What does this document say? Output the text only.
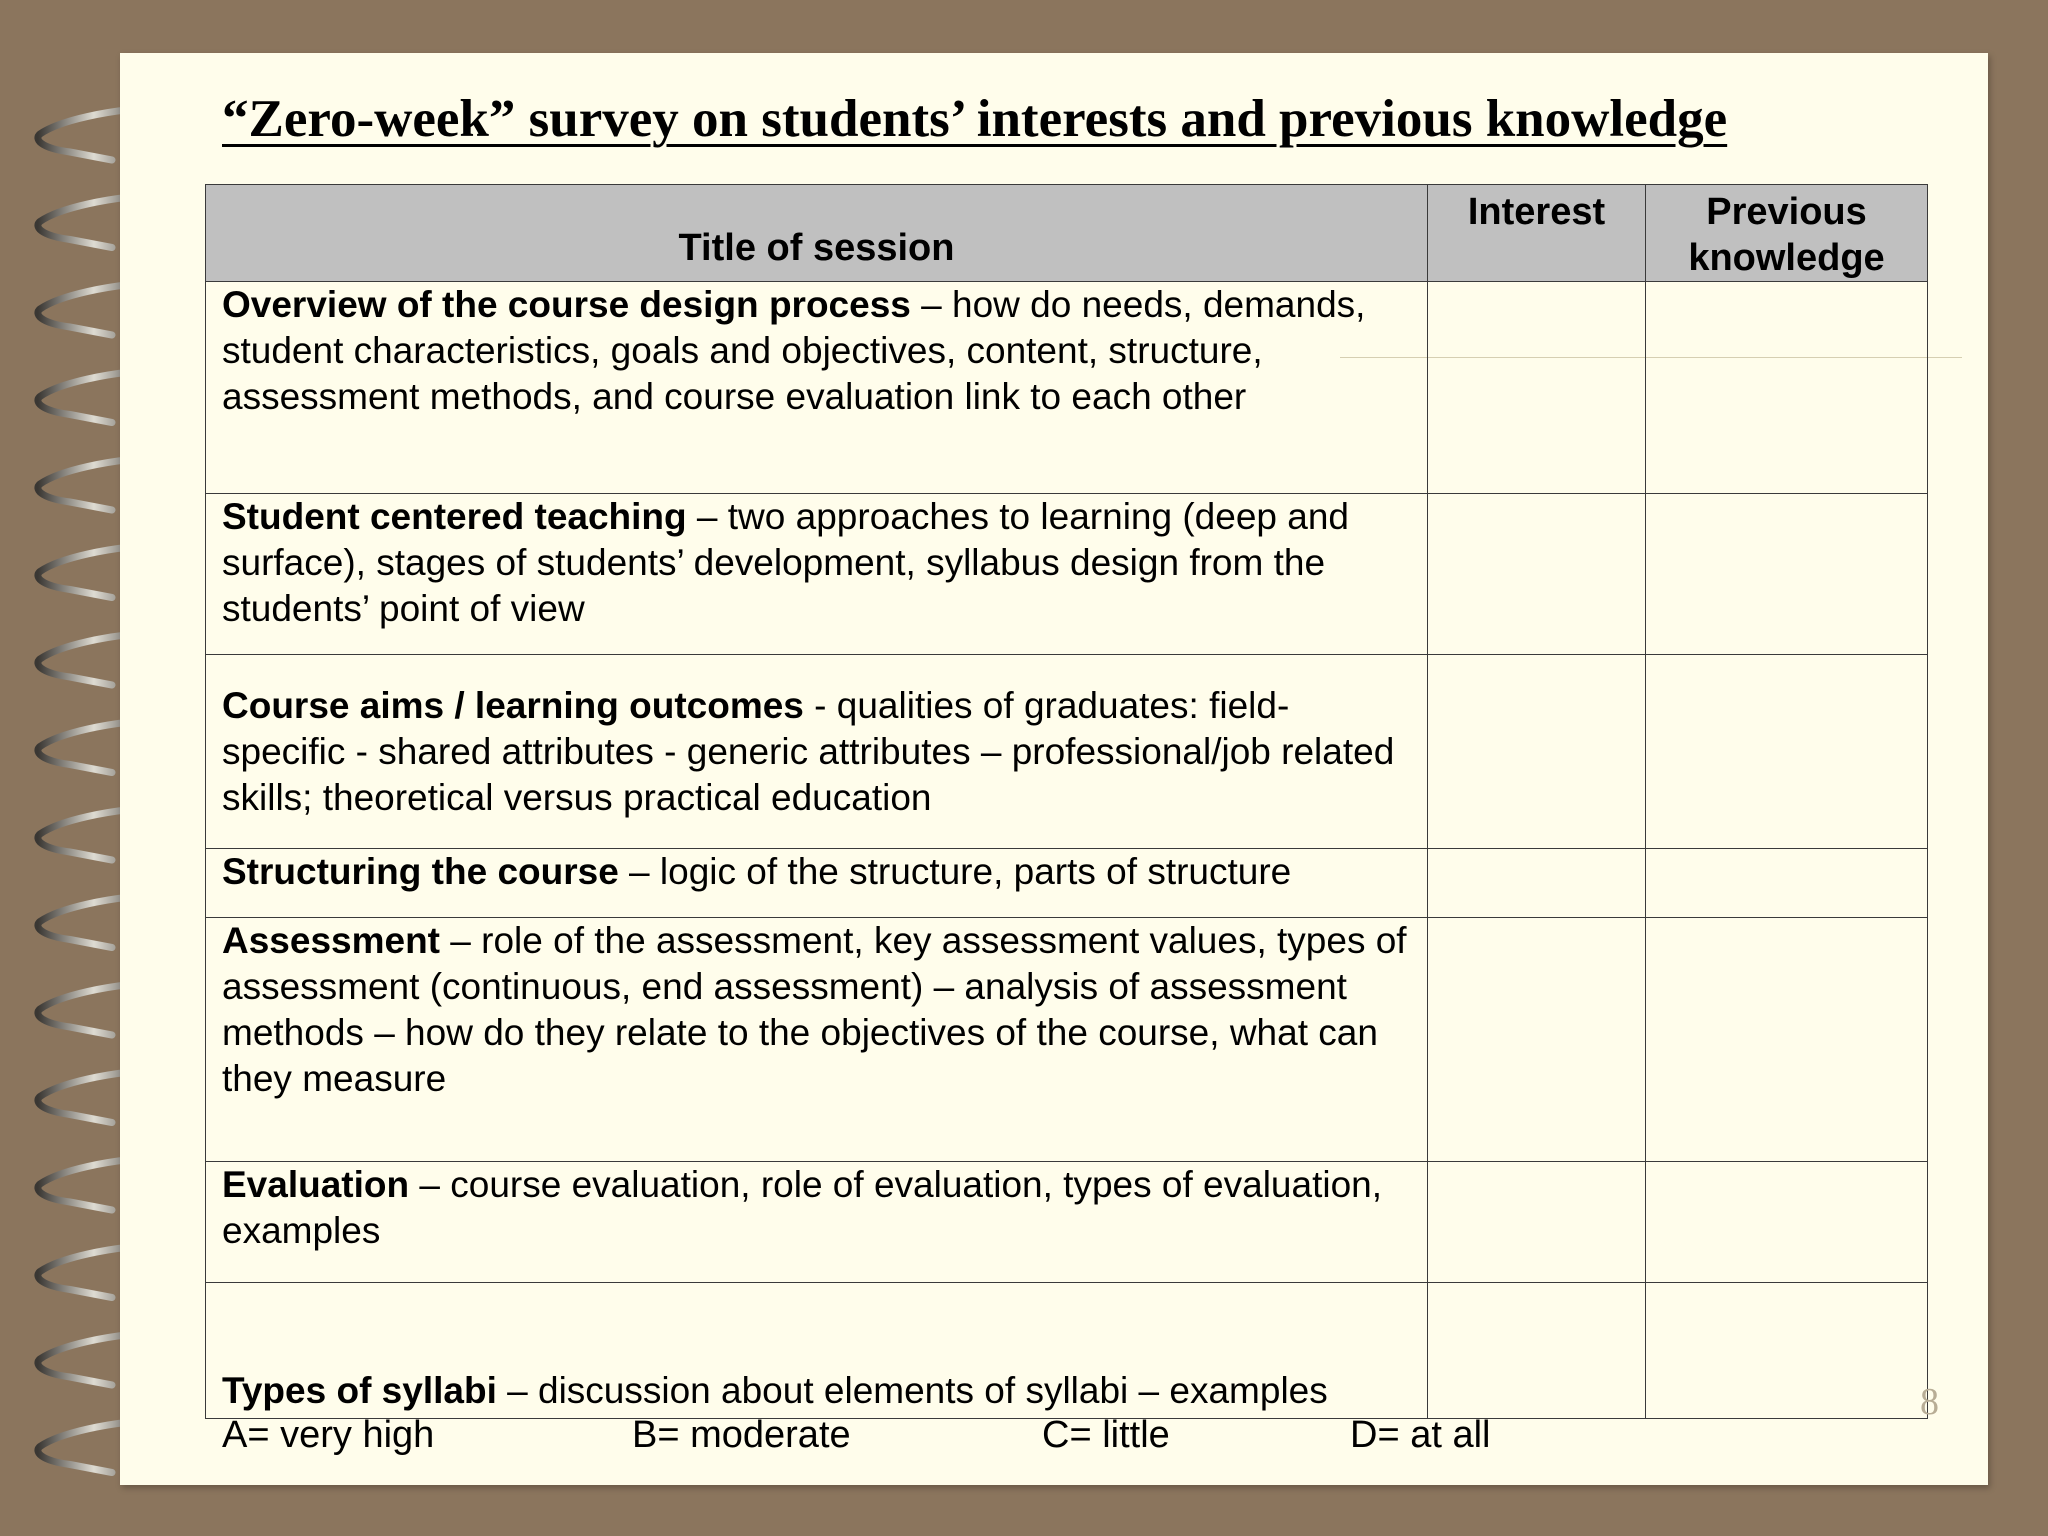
“Zero-week” survey on students’ interests and previous knowledge
Title of session	Interest	Previous knowledge
Overview of the course design process – how do needs, demands, student characteristics, goals and objectives, content, structure, assessment methods, and course evaluation link to each other		
Student centered teaching – two approaches to learning (deep and surface), stages of students’ development, syllabus design from the students’ point of view		
Course aims / learning outcomes - qualities of graduates: field-specific - shared attributes - generic attributes – professional/job related skills; theoretical versus practical education		
Structuring the course – logic of the structure, parts of structure		
Assessment – role of the assessment, key assessment values, types of assessment (continuous, end assessment) – analysis of assessment methods – how do they relate to the objectives of the course, what can they measure		
Evaluation – course evaluation, role of evaluation, types of evaluation, examples		
Types of syllabi – discussion about elements of syllabi – examples		
A= very high	B= moderate	C= little	D= at all
8
